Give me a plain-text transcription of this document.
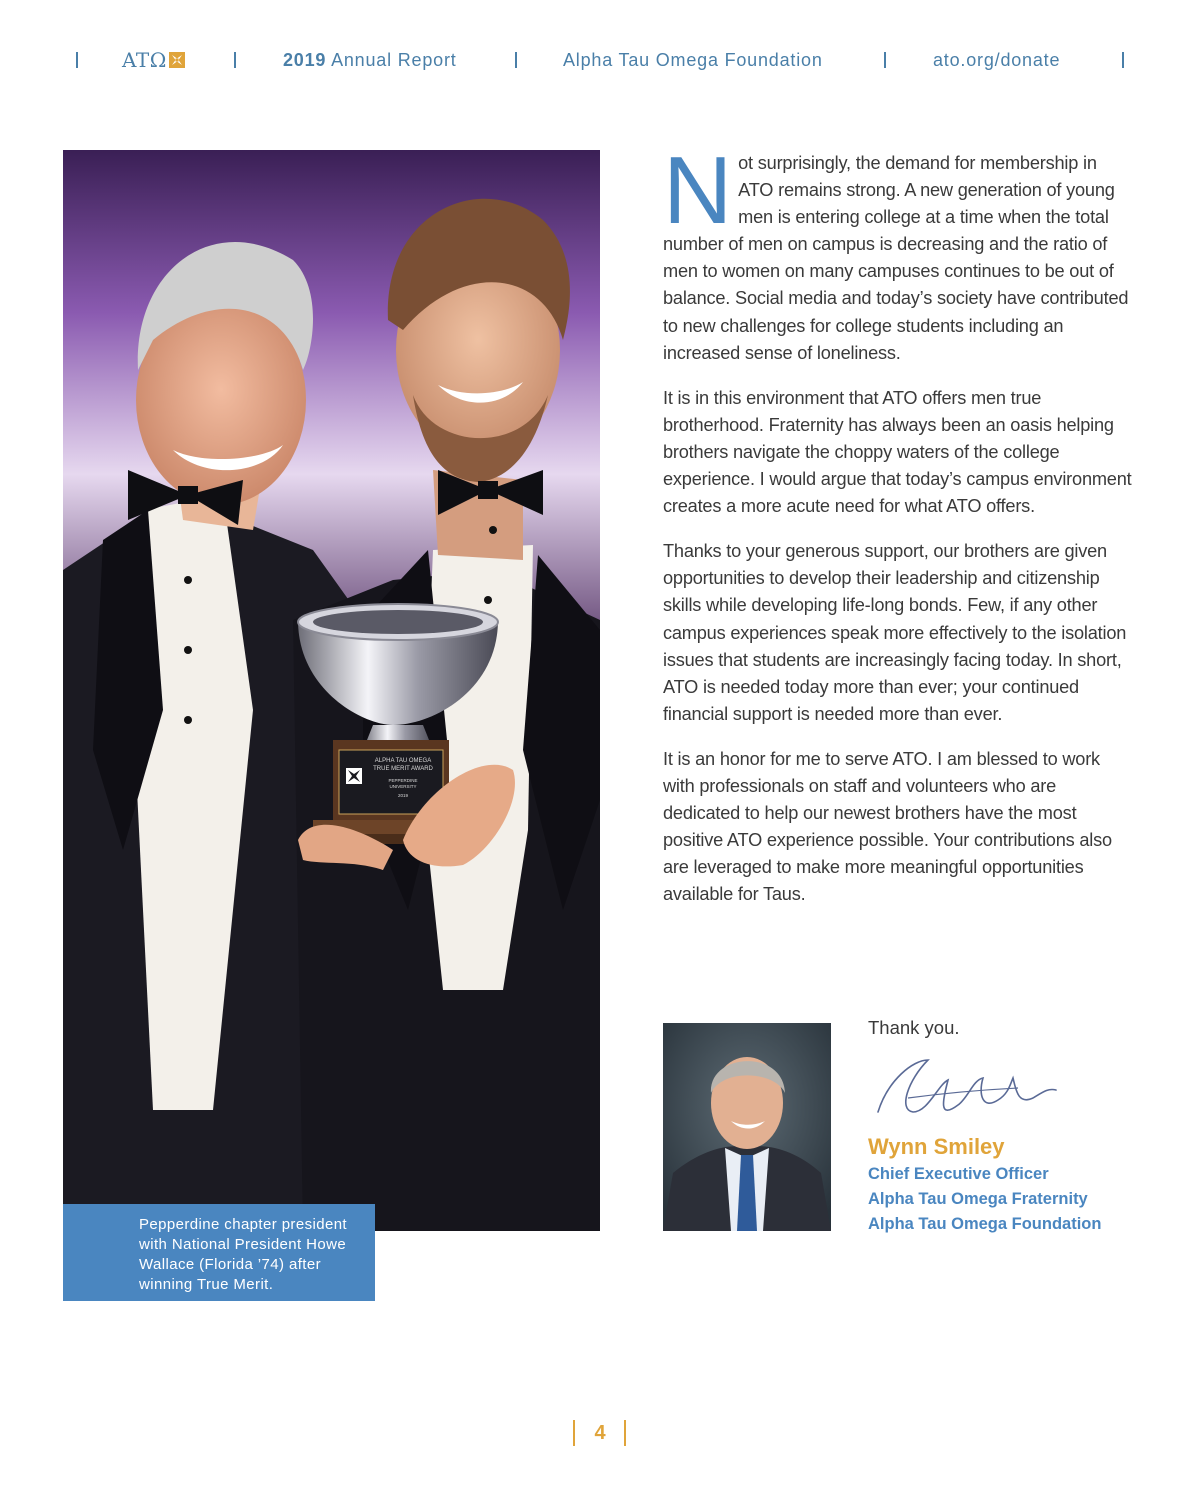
ATΩ	2019 Annual Report	Alpha Tau Omega Foundation	ato.org/donate
ALPHA TAU OMEGA
TRUE MERIT AWARD
PEPPERDINE
UNIVERSITY
2019
Pepperdine chapter president with National President Howe Wallace (Florida ’74) after winning True Merit.

Not surprisingly, the demand for membership in ATO remains strong. A new generation of young men is entering college at a time when the total number of men on campus is decreasing and the ratio of men to women on many campuses continues to be out of balance. Social media and today’s society have contributed to new challenges for college students including an increased sense of loneliness.

It is in this environment that ATO offers men true brotherhood. Fraternity has always been an oasis helping brothers navigate the choppy waters of the college experience. I would argue that today’s campus environment creates a more acute need for what ATO offers.

Thanks to your generous support, our brothers are given opportunities to develop their leadership and citizenship skills while developing life-long bonds. Few, if any other campus experiences speak more effectively to the isolation issues that students are increasingly facing today. In short, ATO is needed today more than ever; your continued financial support is needed more than ever.

It is an honor for me to serve ATO. I am blessed to work with professionals on staff and volunteers who are dedicated to help our newest brothers have the most positive ATO experience possible. Your contributions also are leveraged to make more meaningful opportunities available for Taus.

Thank you.
Wynn Smiley
Chief Executive Officer
Alpha Tau Omega Fraternity
Alpha Tau Omega Foundation
4
